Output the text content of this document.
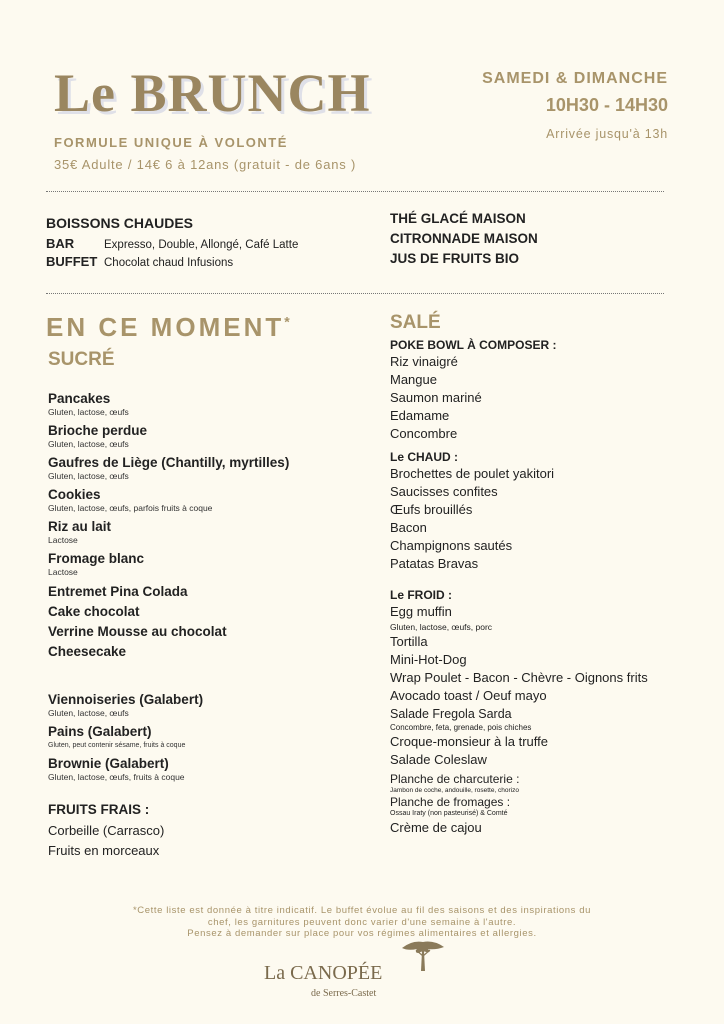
Le BRUNCH
FORMULE UNIQUE À VOLONTÉ
35€ Adulte / 14€ 6 à 12ans (gratuit - de 6ans )
SAMEDI & DIMANCHE
10H30 - 14H30
Arrivée jusqu'à 13h
BOISSONS CHAUDES
BAR	Expresso, Double, Allongé, Café Latte
BUFFET Chocolat chaud Infusions
THÉ GLACÉ MAISON
CITRONNADE MAISON
JUS DE FRUITS BIO
EN CE MOMENT*
SUCRÉ
SALÉ
Pancakes
Gluten, lactose, œufs
Brioche perdue
Gluten, lactose, œufs
Gaufres de Liège (Chantilly, myrtilles)
Gluten, lactose, œufs
Cookies
Gluten, lactose, œufs, parfois fruits à coque
Riz au lait
Lactose
Fromage blanc
Lactose
Entremet Pina Colada
Cake chocolat
Verrine Mousse au chocolat
Cheesecake
Viennoiseries (Galabert)
Gluten, lactose, œufs
Pains (Galabert)
Gluten, peut contenir sésame, fruits à coque
Brownie (Galabert)
Gluten, lactose, œufs, fruits à coque
FRUITS FRAIS :
Corbeille (Carrasco)
Fruits en morceaux
POKE BOWL À COMPOSER :
Riz vinaigré
Mangue
Saumon mariné
Edamame
Concombre
Le CHAUD :
Brochettes de poulet yakitori
Saucisses confites
Œufs brouillés
Bacon
Champignons sautés
Patatas Bravas
Le FROID :
Egg muffin
Gluten, lactose, œufs, porc
Tortilla
Mini-Hot-Dog
Wrap Poulet - Bacon - Chèvre - Oignons frits
Avocado toast / Oeuf mayo
Salade Fregola Sarda
Concombre, feta, grenade, pois chiches
Croque-monsieur à la truffe
Salade Coleslaw
Planche de charcuterie :
Jambon de coche, andouille, rosette, chorizo
Planche de fromages :
Ossau Iraty (non pasteurisé) & Comté
Crème de cajou
*Cette liste est donnée à titre indicatif. Le buffet évolue au fil des saisons et des inspirations du
chef, les garnitures peuvent donc varier d'une semaine à l'autre.
Pensez à demander sur place pour vos régimes alimentaires et allergies.
La CANOPÉE
de Serres-Castet
